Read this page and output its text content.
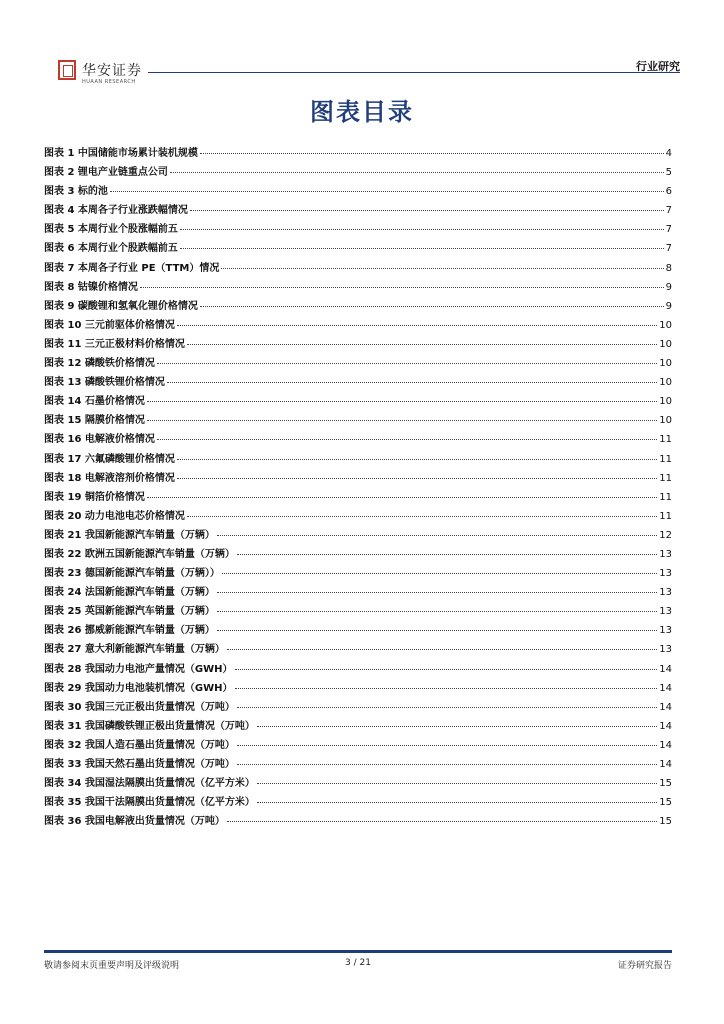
华安证券
HUAAN RESEARCH
行业研究
图表目录
图表 1 中国储能市场累计装机规模	4
图表 2 锂电产业链重点公司	5
图表 3 标的池	6
图表 4 本周各子行业涨跌幅情况	7
图表 5 本周行业个股涨幅前五	7
图表 6 本周行业个股跌幅前五	7
图表 7 本周各子行业 PE（TTM）情况	8
图表 8 钴镍价格情况	9
图表 9 碳酸锂和氢氧化锂价格情况	9
图表 10 三元前驱体价格情况	10
图表 11 三元正极材料价格情况	10
图表 12 磷酸铁价格情况	10
图表 13 磷酸铁锂价格情况	10
图表 14 石墨价格情况	10
图表 15 隔膜价格情况	10
图表 16 电解液价格情况	11
图表 17 六氟磷酸锂价格情况	11
图表 18 电解液溶剂价格情况	11
图表 19 铜箔价格情况	11
图表 20 动力电池电芯价格情况	11
图表 21 我国新能源汽车销量（万辆）	12
图表 22 欧洲五国新能源汽车销量（万辆）	13
图表 23 德国新能源汽车销量（万辆））	13
图表 24 法国新能源汽车销量（万辆）	13
图表 25 英国新能源汽车销量（万辆）	13
图表 26 挪威新能源汽车销量（万辆）	13
图表 27 意大利新能源汽车销量（万辆）	13
图表 28 我国动力电池产量情况（GWH）	14
图表 29 我国动力电池装机情况（GWH）	14
图表 30 我国三元正极出货量情况（万吨）	14
图表 31 我国磷酸铁锂正极出货量情况（万吨）	14
图表 32 我国人造石墨出货量情况（万吨）	14
图表 33 我国天然石墨出货量情况（万吨）	14
图表 34 我国湿法隔膜出货量情况（亿平方米）	15
图表 35 我国干法隔膜出货量情况（亿平方米）	15
图表 36 我国电解液出货量情况（万吨）	15
敬请参阅末页重要声明及评级说明	3 / 21	证券研究报告
